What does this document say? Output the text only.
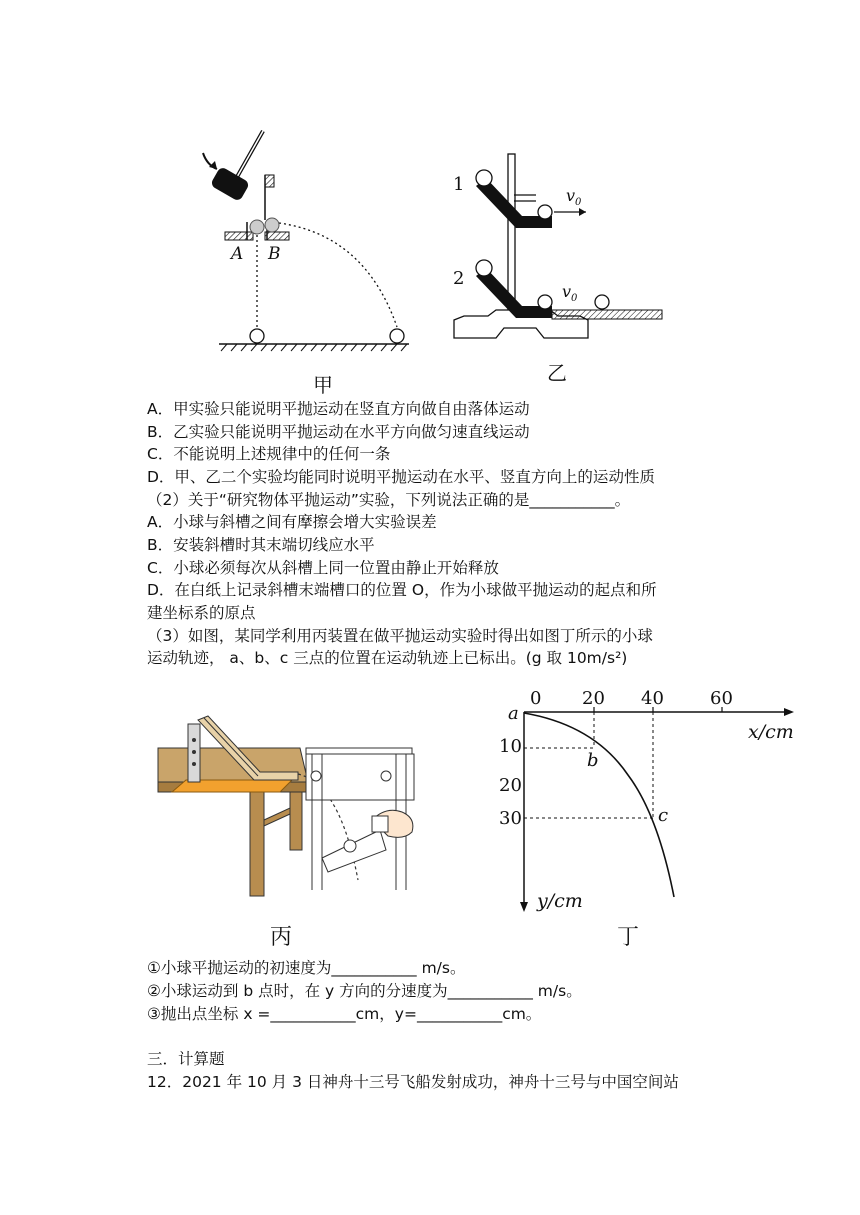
A B
甲
1
2
$v_0$
$v_0$
乙
A．甲实验只能说明平抛运动在竖直方向做自由落体运动
B．乙实验只能说明平抛运动在水平方向做匀速直线运动
C．不能说明上述规律中的任何一条
D．甲、乙二个实验均能同时说明平抛运动在水平、竖直方向上的运动性质
（2）关于“研究物体平抛运动”实验，下列说法正确的是___________。
A．小球与斜槽之间有摩擦会增大实验误差
B．安装斜槽时其末端切线应水平
C．小球必须每次从斜槽上同一位置由静止开始释放
D．在白纸上记录斜槽末端槽口的位置 O，作为小球做平抛运动的起点和所
建坐标系的原点
（3）如图，某同学利用丙装置在做平抛运动实验时得出如图丁所示的小球
运动轨迹， a、b、c 三点的位置在运动轨迹上已标出。(g 取 10m/s²)
丙
0 20 40	60
a
10
20
30
b
c
x/cm
y/cm
丁
①小球平抛运动的初速度为___________ m/s。
②小球运动到 b 点时，在 y 方向的分速度为___________ m/s。
③抛出点坐标 x =___________cm，y=___________cm。
三．计算题
12．2021 年 10 月 3 日神舟十三号飞船发射成功，神舟十三号与中国空间站
